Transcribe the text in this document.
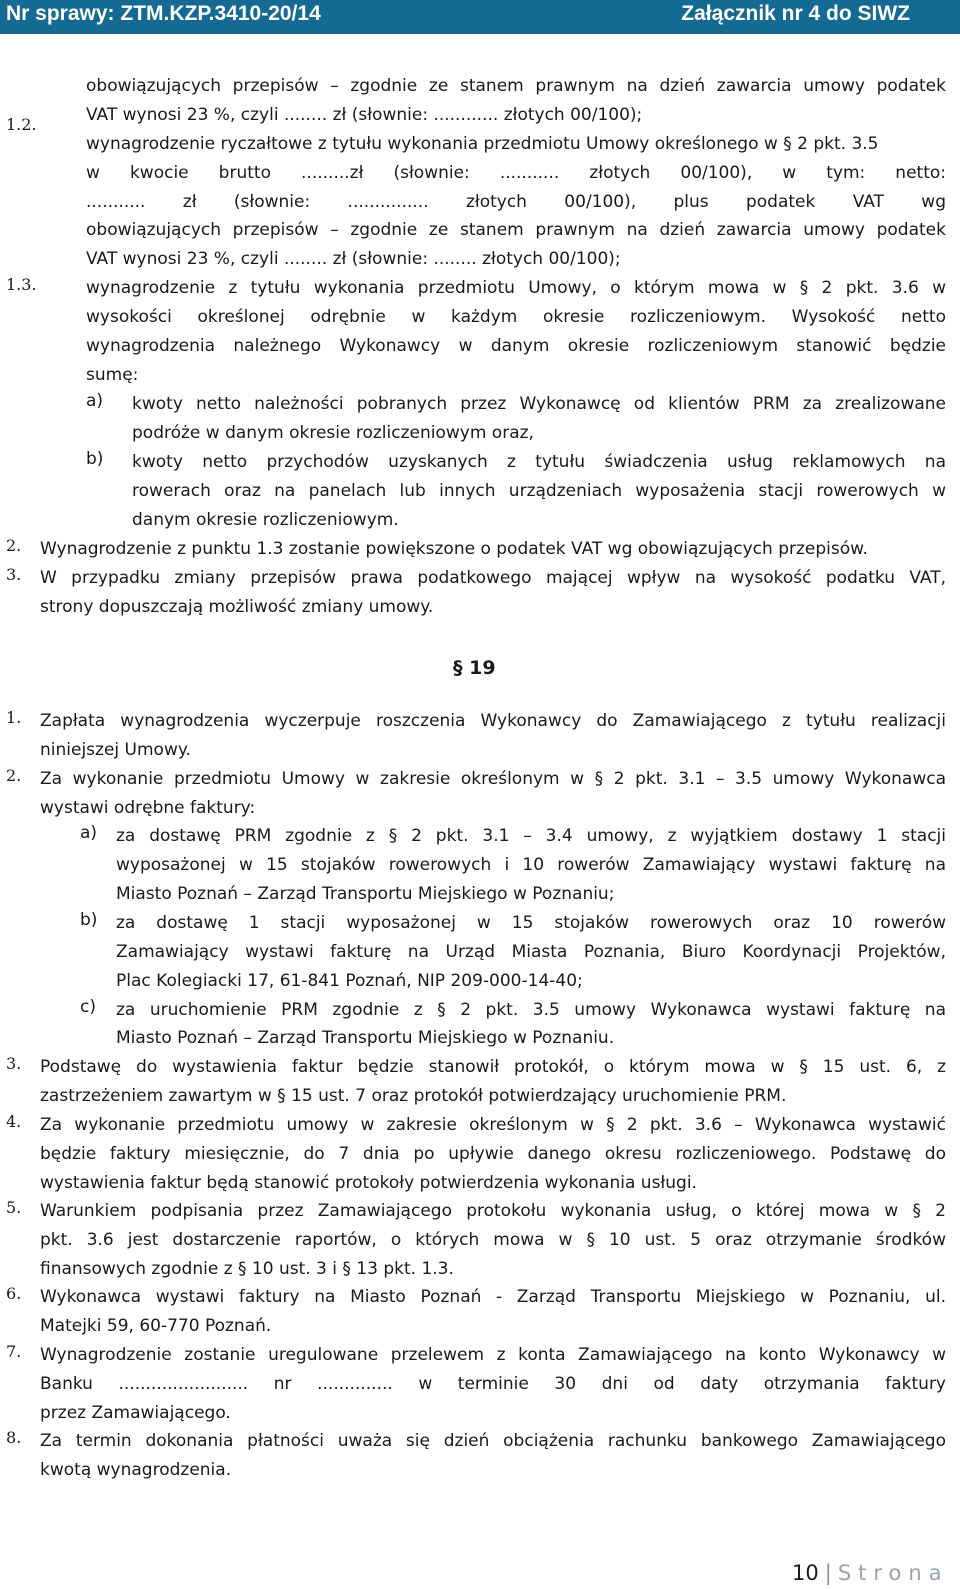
Nr sprawy: ZTM.KZP.3410-20/14	Załącznik nr 4 do SIWZ
1.2.
1.3.
a)
b)
2.
3.
1.
2.
a)
b)
c)
3.
4.
5.
6.
7.
8.
obowiązujących przepisów – zgodnie ze stanem prawnym na dzień zawarcia umowy podatek
VAT wynosi 23 %, czyli ........ zł (słownie: ............ złotych 00/100);
wynagrodzenie ryczałtowe z tytułu wykonania przedmiotu Umowy określonego w § 2 pkt. 3.5
w kwocie brutto .........zł (słownie: ........... złotych 00/100), w tym: netto:
........... zł (słownie: ............... złotych 00/100), plus podatek VAT wg
obowiązujących przepisów – zgodnie ze stanem prawnym na dzień zawarcia umowy podatek
VAT wynosi 23 %, czyli ........ zł (słownie: ........ złotych 00/100);
wynagrodzenie z tytułu wykonania przedmiotu Umowy, o którym mowa w § 2 pkt. 3.6 w
wysokości określonej odrębnie w każdym okresie rozliczeniowym. Wysokość netto
wynagrodzenia należnego Wykonawcy w danym okresie rozliczeniowym stanowić będzie
sumę:
kwoty netto należności pobranych przez Wykonawcę od klientów PRM za zrealizowane
podróże w danym okresie rozliczeniowym oraz,
kwoty netto przychodów uzyskanych z tytułu świadczenia usług reklamowych na
rowerach oraz na panelach lub innych urządzeniach wyposażenia stacji rowerowych w
danym okresie rozliczeniowym.
Wynagrodzenie z punktu 1.3 zostanie powiększone o podatek VAT wg obowiązujących przepisów.
W przypadku zmiany przepisów prawa podatkowego mającej wpływ na wysokość podatku VAT,
strony dopuszczają możliwość zmiany umowy.
§ 19
Zapłata wynagrodzenia wyczerpuje roszczenia Wykonawcy do Zamawiającego z tytułu realizacji
niniejszej Umowy.
Za wykonanie przedmiotu Umowy w zakresie określonym w § 2 pkt. 3.1 – 3.5 umowy Wykonawca
wystawi odrębne faktury:
za dostawę PRM zgodnie z § 2 pkt. 3.1 – 3.4 umowy, z wyjątkiem dostawy 1 stacji
wyposażonej w 15 stojaków rowerowych i 10 rowerów Zamawiający wystawi fakturę na
Miasto Poznań – Zarząd Transportu Miejskiego w Poznaniu;
za dostawę 1 stacji wyposażonej w 15 stojaków rowerowych oraz 10 rowerów
Zamawiający wystawi fakturę na Urząd Miasta Poznania, Biuro Koordynacji Projektów,
Plac Kolegiacki 17, 61-841 Poznań, NIP 209-000-14-40;
za uruchomienie PRM zgodnie z § 2 pkt. 3.5 umowy Wykonawca wystawi fakturę na
Miasto Poznań – Zarząd Transportu Miejskiego w Poznaniu.
Podstawę do wystawienia faktur będzie stanowił protokół, o którym mowa w § 15 ust. 6, z
zastrzeżeniem zawartym w § 15 ust. 7 oraz protokół potwierdzający uruchomienie PRM.
Za wykonanie przedmiotu umowy w zakresie określonym w § 2 pkt. 3.6 – Wykonawca wystawić
będzie faktury miesięcznie, do 7 dnia po upływie danego okresu rozliczeniowego. Podstawę do
wystawienia faktur będą stanowić protokoły potwierdzenia wykonania usługi.
Warunkiem podpisania przez Zamawiającego protokołu wykonania usług, o której mowa w § 2
pkt. 3.6 jest dostarczenie raportów, o których mowa w § 10 ust. 5 oraz otrzymanie środków
finansowych zgodnie z § 10 ust. 3 i § 13 pkt. 1.3.
Wykonawca wystawi faktury na Miasto Poznań - Zarząd Transportu Miejskiego w Poznaniu, ul.
Matejki 59, 60-770 Poznań.
Wynagrodzenie zostanie uregulowane przelewem z konta Zamawiającego na konto Wykonawcy w
Banku ........................ nr .............. w terminie 30 dni od daty otrzymania faktury
przez Zamawiającego.
Za termin dokonania płatności uważa się dzień obciążenia rachunku bankowego Zamawiającego
kwotą wynagrodzenia.
10 | Strona
